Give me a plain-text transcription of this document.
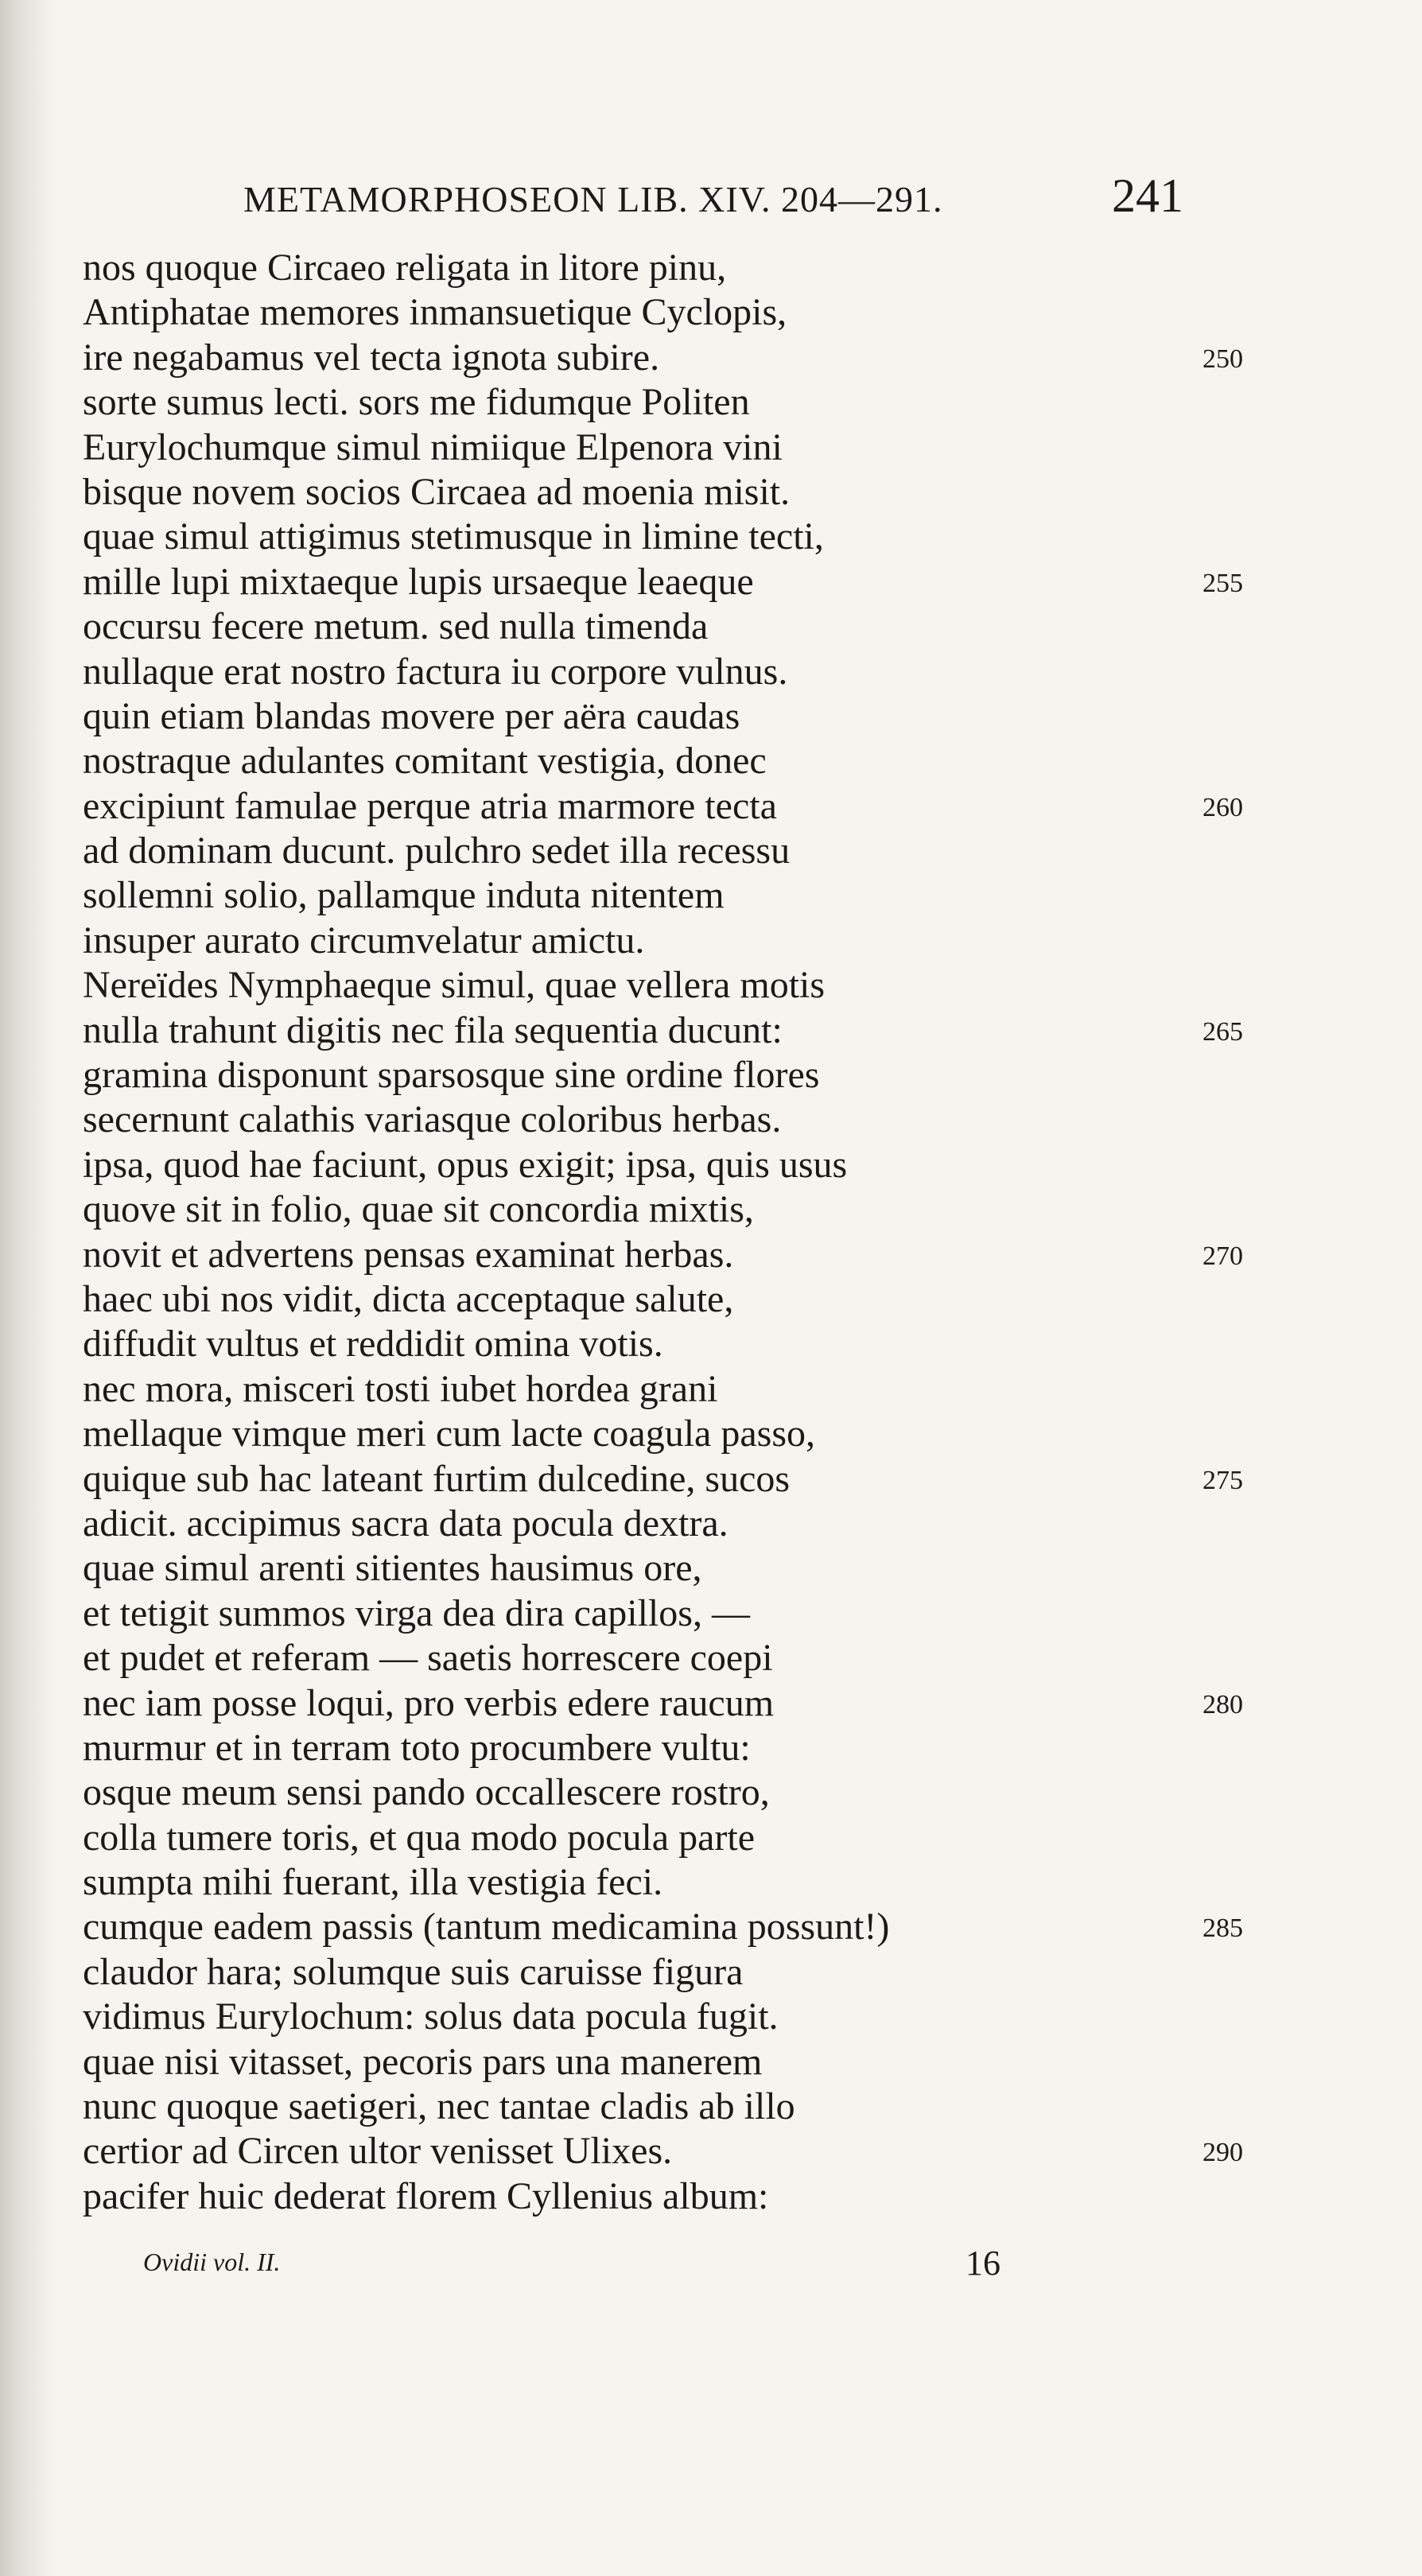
METAMORPHOSEON LIB. XIV. 204—291.	241
nos quoque Circaeo religata in litore pinu,
Antiphatae memores inmansuetique Cyclopis,
ire negabamus vel tecta ignota subire.	250
sorte sumus lecti. sors me fidumque Politen
Eurylochumque simul nimiique Elpenora vini
bisque novem socios Circaea ad moenia misit.
quae simul attigimus stetimusque in limine tecti,
mille lupi mixtaeque lupis ursaeque leaeque	255
occursu fecere metum. sed nulla timenda
nullaque erat nostro factura iu corpore vulnus.
quin etiam blandas movere per aëra caudas
nostraque adulantes comitant vestigia, donec
excipiunt famulae perque atria marmore tecta	260
ad dominam ducunt. pulchro sedet illa recessu
sollemni solio, pallamque induta nitentem
insuper aurato circumvelatur amictu.
Nereïdes Nymphaeque simul, quae vellera motis
nulla trahunt digitis nec fila sequentia ducunt:	265
gramina disponunt sparsosque sine ordine flores
secernunt calathis variasque coloribus herbas.
ipsa, quod hae faciunt, opus exigit; ipsa, quis usus
quove sit in folio, quae sit concordia mixtis,
novit et advertens pensas examinat herbas.	270
haec ubi nos vidit, dicta acceptaque salute,
diffudit vultus et reddidit omina votis.
nec mora, misceri tosti iubet hordea grani
mellaque vimque meri cum lacte coagula passo,
quique sub hac lateant furtim dulcedine, sucos	275
adicit. accipimus sacra data pocula dextra.
quae simul arenti sitientes hausimus ore,
et tetigit summos virga dea dira capillos, —
et pudet et referam — saetis horrescere coepi
nec iam posse loqui, pro verbis edere raucum	280
murmur et in terram toto procumbere vultu:
osque meum sensi pando occallescere rostro,
colla tumere toris, et qua modo pocula parte
sumpta mihi fuerant, illa vestigia feci.
cumque eadem passis (tantum medicamina possunt!)	285
claudor hara; solumque suis caruisse figura
vidimus Eurylochum: solus data pocula fugit.
quae nisi vitasset, pecoris pars una manerem
nunc quoque saetigeri, nec tantae cladis ab illo
certior ad Circen ultor venisset Ulixes.	290
pacifer huic dederat florem Cyllenius album:
Ovidii vol. II.	16
